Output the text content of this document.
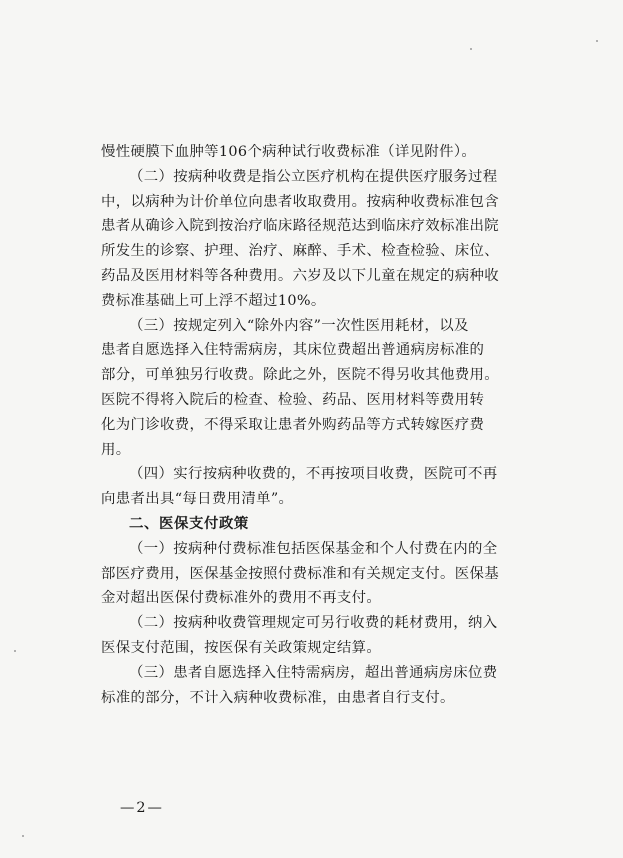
慢性硬膜下血肿等106个病种试行收费标准（详见附件）。

（二）按病种收费是指公立医疗机构在提供医疗服务过程

中，以病种为计价单位向患者收取费用。按病种收费标准包含

患者从确诊入院到按治疗临床路径规范达到临床疗效标准出院

所发生的诊察、护理、治疗、麻醉、手术、检查检验、床位、

药品及医用材料等各种费用。六岁及以下儿童在规定的病种收

费标准基础上可上浮不超过10%。

（三）按规定列入“除外内容”一次性医用耗材，以及

患者自愿选择入住特需病房，其床位费超出普通病房标准的

部分，可单独另行收费。除此之外，医院不得另收其他费用。

医院不得将入院后的检查、检验、药品、医用材料等费用转

化为门诊收费，不得采取让患者外购药品等方式转嫁医疗费

用。

（四）实行按病种收费的，不再按项目收费，医院可不再

向患者出具“每日费用清单”。

二、医保支付政策

（一）按病种付费标准包括医保基金和个人付费在内的全

部医疗费用，医保基金按照付费标准和有关规定支付。医保基

金对超出医保付费标准外的费用不再支付。

（二）按病种收费管理规定可另行收费的耗材费用，纳入

医保支付范围，按医保有关政策规定结算。

（三）患者自愿选择入住特需病房，超出普通病房床位费

标准的部分，不计入病种收费标准，由患者自行支付。

—2—
